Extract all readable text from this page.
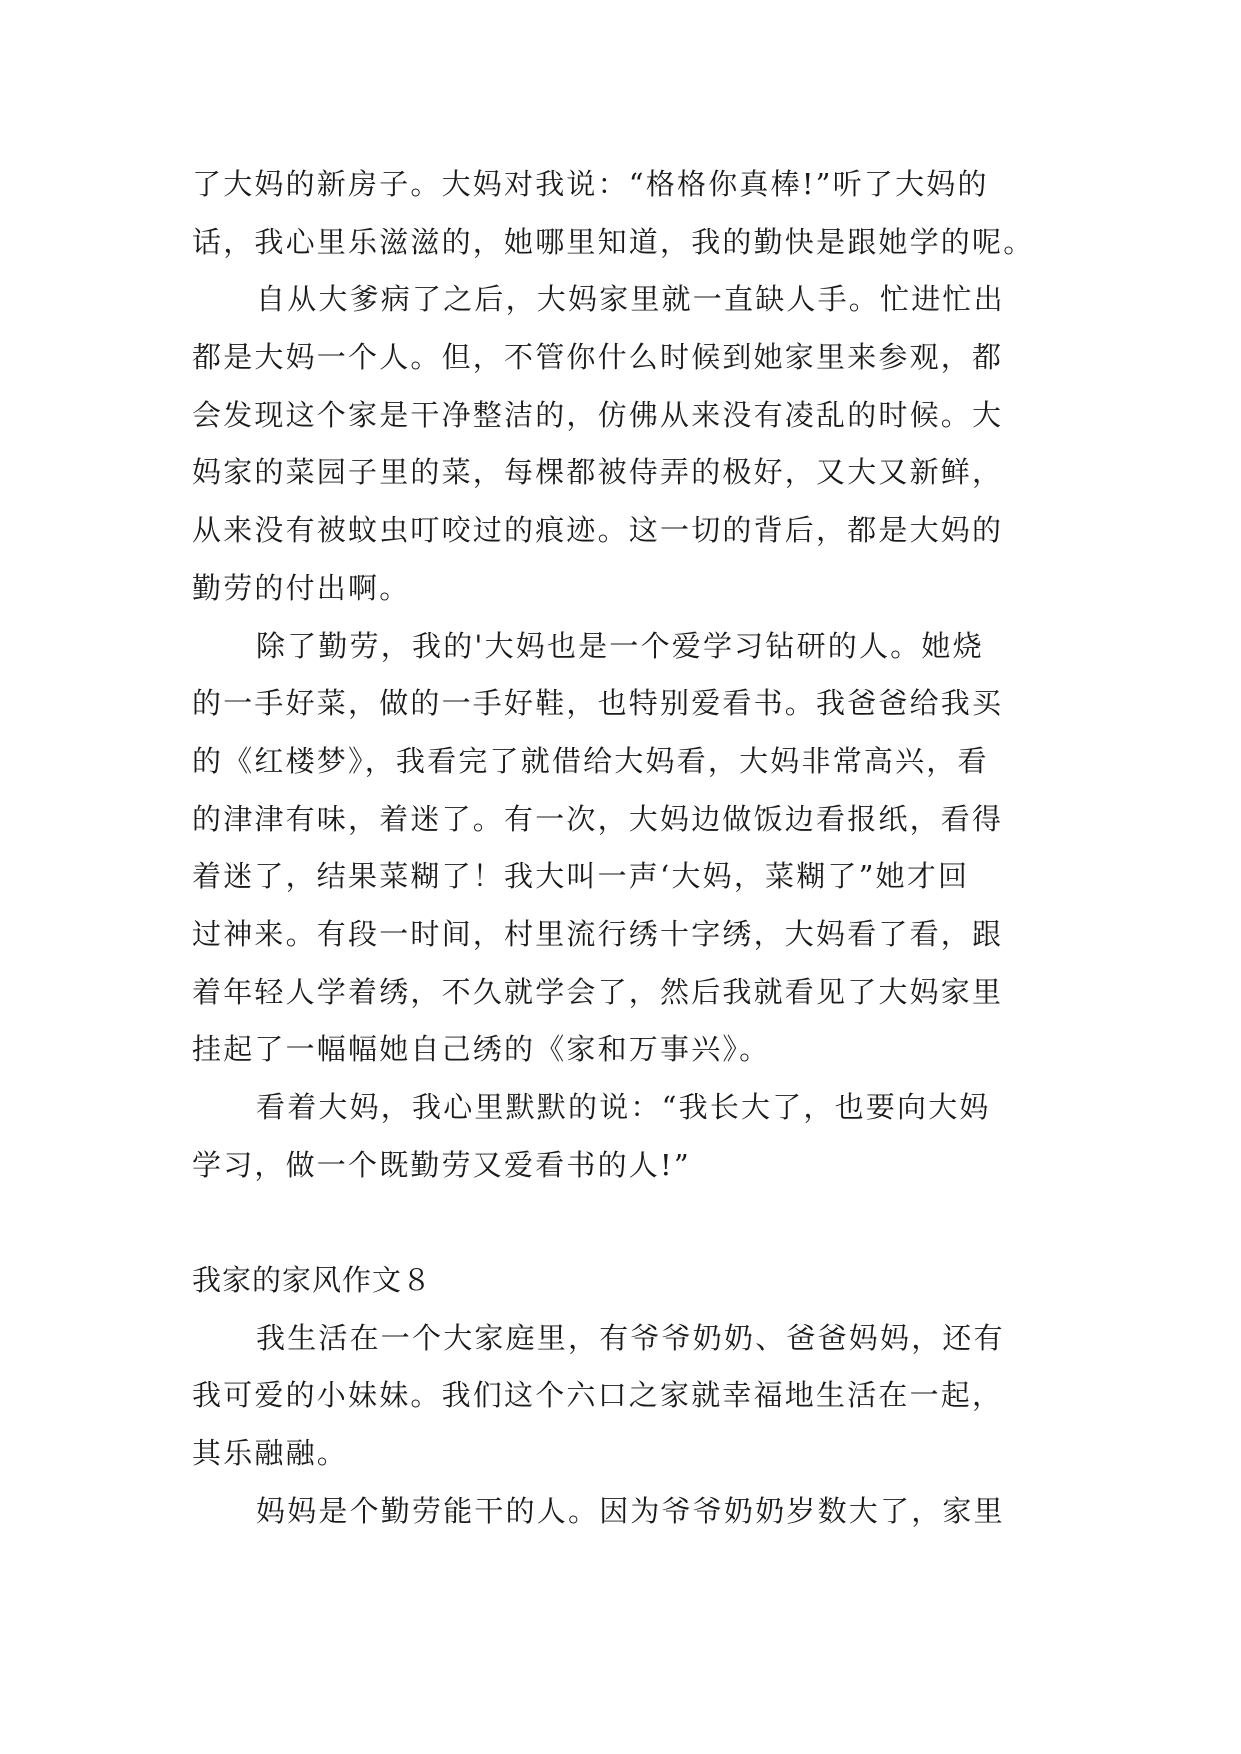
了大妈的新房子。大妈对我说：“格格你真棒!”听了大妈的
话，我心里乐滋滋的，她哪里知道，我的勤快是跟她学的呢。
自从大爹病了之后，大妈家里就一直缺人手。忙进忙出
都是大妈一个人。但，不管你什么时候到她家里来参观，都
会发现这个家是干净整洁的，仿佛从来没有凌乱的时候。大
妈家的菜园子里的菜，每棵都被侍弄的极好，又大又新鲜，
从来没有被蚊虫叮咬过的痕迹。这一切的背后，都是大妈的
勤劳的付出啊。
除了勤劳，我的'大妈也是一个爱学习钻研的人。她烧
的一手好菜，做的一手好鞋，也特别爱看书。我爸爸给我买
的《红楼梦》，我看完了就借给大妈看，大妈非常高兴，看
的津津有味，着迷了。有一次，大妈边做饭边看报纸，看得
着迷了，结果菜糊了！我大叫一声‘大妈，菜糊了”她才回
过神来。有段一时间，村里流行绣十字绣，大妈看了看，跟
着年轻人学着绣，不久就学会了，然后我就看见了大妈家里
挂起了一幅幅她自己绣的《家和万事兴》。
看着大妈，我心里默默的说：“我长大了，也要向大妈
学习，做一个既勤劳又爱看书的人!”
我家的家风作文８
我生活在一个大家庭里，有爷爷奶奶、爸爸妈妈，还有
我可爱的小妹妹。我们这个六口之家就幸福地生活在一起，
其乐融融。
妈妈是个勤劳能干的人。因为爷爷奶奶岁数大了，家里
